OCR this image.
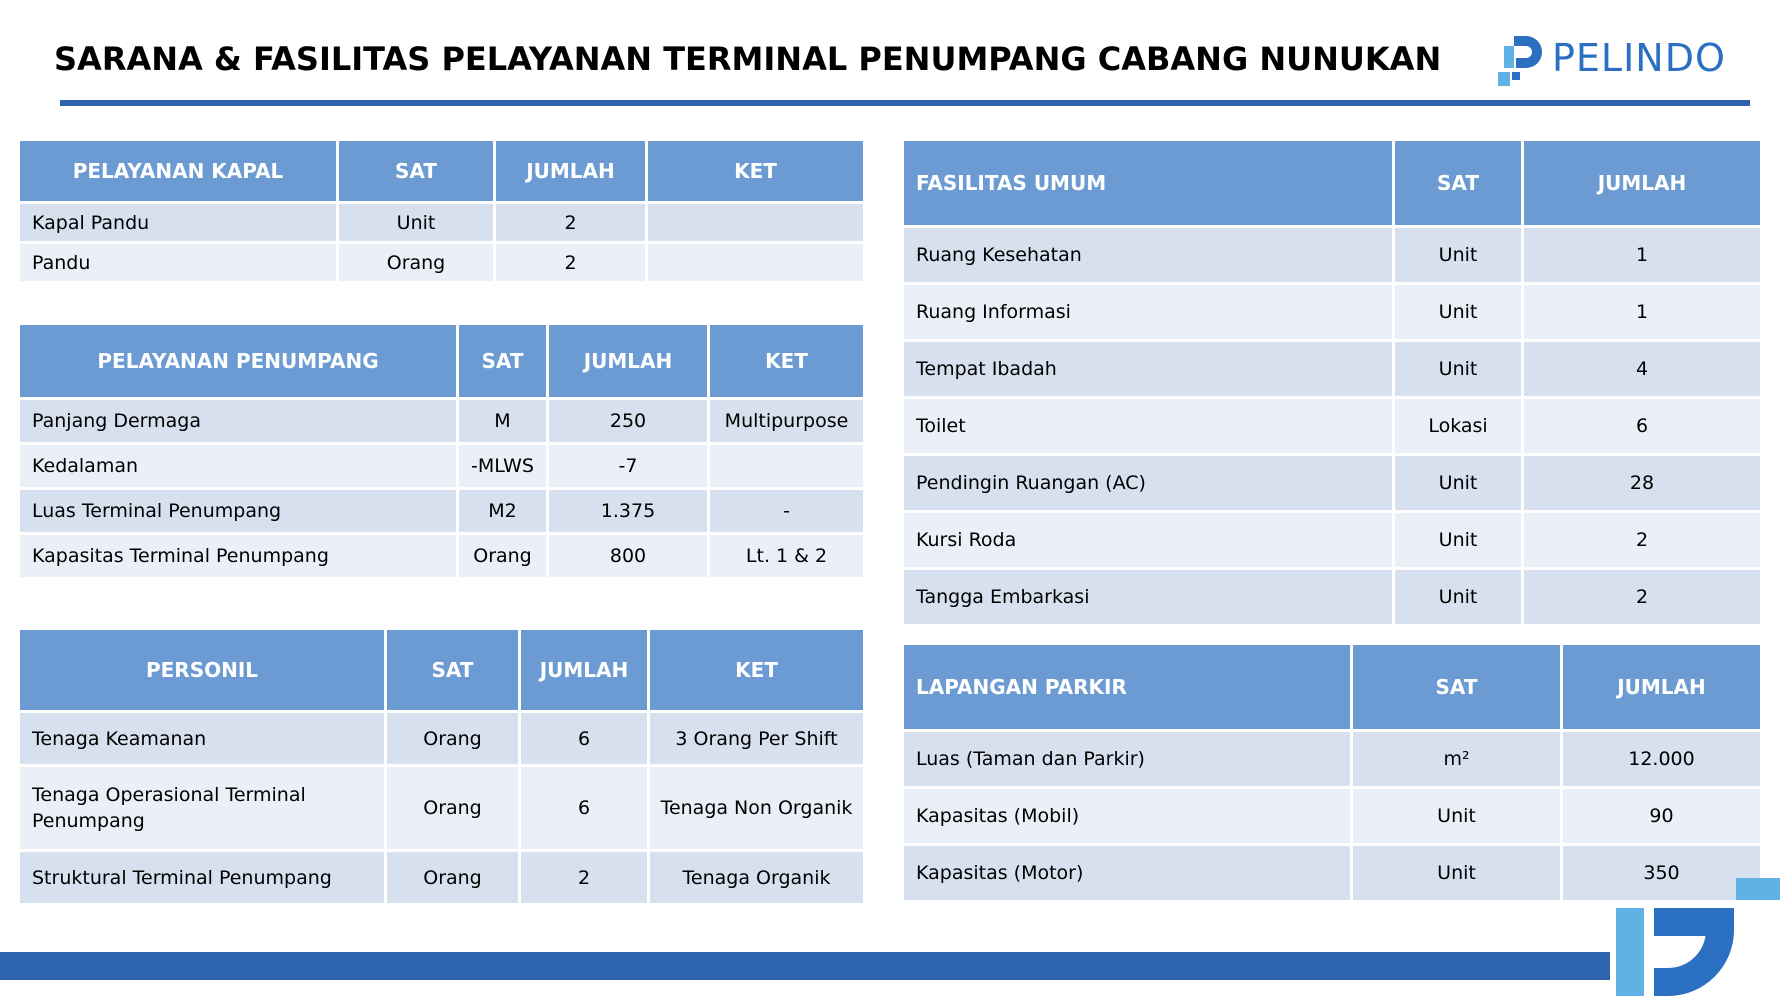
SARANA & FASILITAS PELAYANAN TERMINAL PENUMPANG CABANG NUNUKAN	PELINDO
PELAYANAN KAPAL	SAT	JUMLAH	KET
Kapal Pandu	Unit	2	
Pandu	Orang	2	
PELAYANAN PENUMPANG	SAT	JUMLAH	KET
Panjang Dermaga	M	250	Multipurpose
Kedalaman	-MLWS	-7	
Luas Terminal Penumpang	M2	1.375	-
Kapasitas Terminal Penumpang	Orang	800	Lt. 1 & 2
PERSONIL	SAT	JUMLAH	KET
Tenaga Keamanan	Orang	6	3 Orang Per Shift
Tenaga Operasional Terminal Penumpang	Orang	6	Tenaga Non Organik
Struktural Terminal Penumpang	Orang	2	Tenaga Organik
FASILITAS UMUM	SAT	JUMLAH
Ruang Kesehatan	Unit	1
Ruang Informasi	Unit	1
Tempat Ibadah	Unit	4
Toilet	Lokasi	6
Pendingin Ruangan (AC)	Unit	28
Kursi Roda	Unit	2
Tangga Embarkasi	Unit	2
LAPANGAN PARKIR	SAT	JUMLAH
Luas (Taman dan Parkir)	m²	12.000
Kapasitas (Mobil)	Unit	90
Kapasitas (Motor)	Unit	350
